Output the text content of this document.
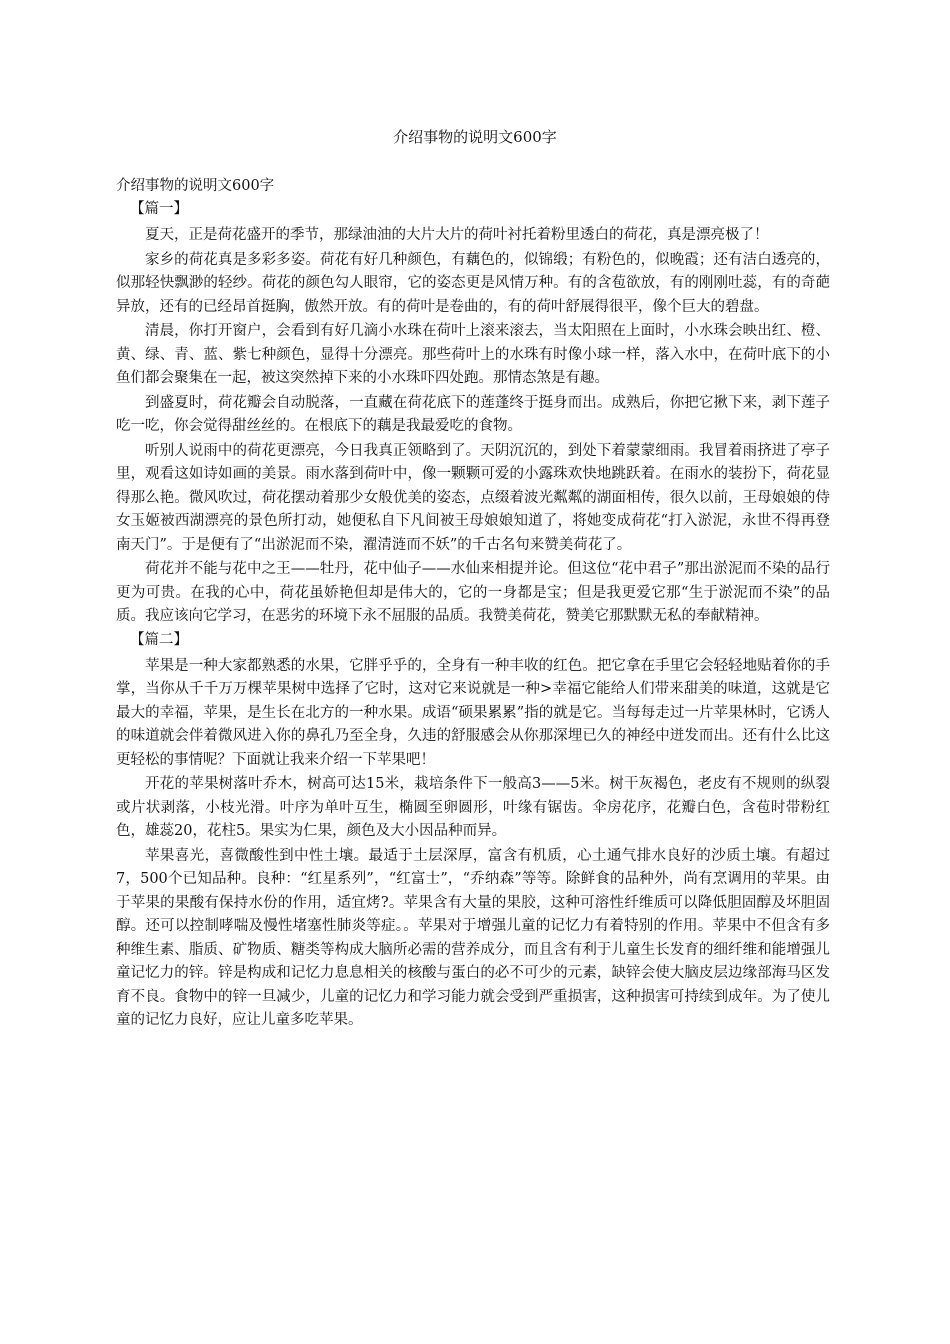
介绍事物的说明文600字

介绍事物的说明文600字

【篇一】

夏天，正是荷花盛开的季节，那绿油油的大片大片的荷叶衬托着粉里透白的荷花，真是漂亮极了！

家乡的荷花真是多彩多姿。荷花有好几种颜色，有藕色的，似锦缎；有粉色的，似晚霞；还有洁白透亮的，似那轻快飘渺的轻纱。荷花的颜色勾人眼帘，它的姿态更是风情万种。有的含苞欲放，有的刚刚吐蕊，有的奇葩异放，还有的已经昂首挺胸，傲然开放。有的荷叶是卷曲的，有的荷叶舒展得很平，像个巨大的碧盘。

清晨，你打开窗户，会看到有好几滴小水珠在荷叶上滚来滚去，当太阳照在上面时，小水珠会映出红、橙、黄、绿、青、蓝、紫七种颜色，显得十分漂亮。那些荷叶上的水珠有时像小球一样，落入水中，在荷叶底下的小鱼们都会聚集在一起，被这突然掉下来的小水珠吓四处跑。那情态煞是有趣。

到盛夏时，荷花瓣会自动脱落，一直藏在荷花底下的莲蓬终于挺身而出。成熟后，你把它揪下来，剥下莲子吃一吃，你会觉得甜丝丝的。在根底下的藕是我最爱吃的食物。

听别人说雨中的荷花更漂亮，今日我真正领略到了。天阴沉沉的，到处下着蒙蒙细雨。我冒着雨挤进了亭子里，观看这如诗如画的美景。雨水落到荷叶中，像一颗颗可爱的小露珠欢快地跳跃着。在雨水的装扮下，荷花显得那么艳。微风吹过，荷花摆动着那少女般优美的姿态，点缀着波光粼粼的湖面相传，很久以前，王母娘娘的侍女玉姬被西湖漂亮的景色所打动，她便私自下凡间被王母娘娘知道了，将她变成荷花“打入淤泥，永世不得再登南天门”。于是便有了“出淤泥而不染，濯清涟而不妖”的千古名句来赞美荷花了。

荷花并不能与花中之王——牡丹，花中仙子——水仙来相提并论。但这位“花中君子”那出淤泥而不染的品行更为可贵。在我的心中，荷花虽娇艳但却是伟大的，它的一身都是宝；但是我更爱它那“生于淤泥而不染”的品质。我应该向它学习，在恶劣的环境下永不屈服的品质。我赞美荷花，赞美它那默默无私的奉献精神。

【篇二】

苹果是一种大家都熟悉的水果，它胖乎乎的，全身有一种丰收的红色。把它拿在手里它会轻轻地贴着你的手掌，当你从千千万万棵苹果树中选择了它时，这对它来说就是一种>幸福它能给人们带来甜美的味道，这就是它最大的幸福，苹果，是生长在北方的一种水果。成语“硕果累累”指的就是它。当每每走过一片苹果林时，它诱人的味道就会伴着微风进入你的鼻孔乃至全身，久违的舒服感会从你那深埋已久的神经中迸发而出。还有什么比这更轻松的事情呢？下面就让我来介绍一下苹果吧！

开花的苹果树落叶乔木，树高可达15米，栽培条件下一般高3——5米。树干灰褐色，老皮有不规则的纵裂或片状剥落，小枝光滑。叶序为单叶互生，椭圆至卵圆形，叶缘有锯齿。伞房花序，花瓣白色，含苞时带粉红色，雄蕊20，花柱5。果实为仁果，颜色及大小因品种而异。

苹果喜光，喜微酸性到中性土壤。最适于土层深厚，富含有机质，心土通气排水良好的沙质土壤。有超过 7，500个已知品种。良种：“红星系列”，“红富士”，“乔纳森”等等。除鲜食的品种外，尚有烹调用的苹果。由于苹果的果酸有保持水份的作用，适宜烤?。苹果含有大量的果胶，这种可溶性纤维质可以降低胆固醇及坏胆固醇。还可以控制哮喘及慢性堵塞性肺炎等症。。苹果对于增强儿童的记忆力有着特别的作用。苹果中不但含有多种维生素、脂质、矿物质、糖类等构成大脑所必需的营养成分，而且含有利于儿童生长发育的细纤维和能增强儿童记忆力的锌。锌是构成和记忆力息息相关的核酸与蛋白的必不可少的元素，缺锌会使大脑皮层边缘部海马区发育不良。食物中的锌一旦减少，儿童的记忆力和学习能力就会受到严重损害，这种损害可持续到成年。为了使儿童的记忆力良好，应让儿童多吃苹果。
